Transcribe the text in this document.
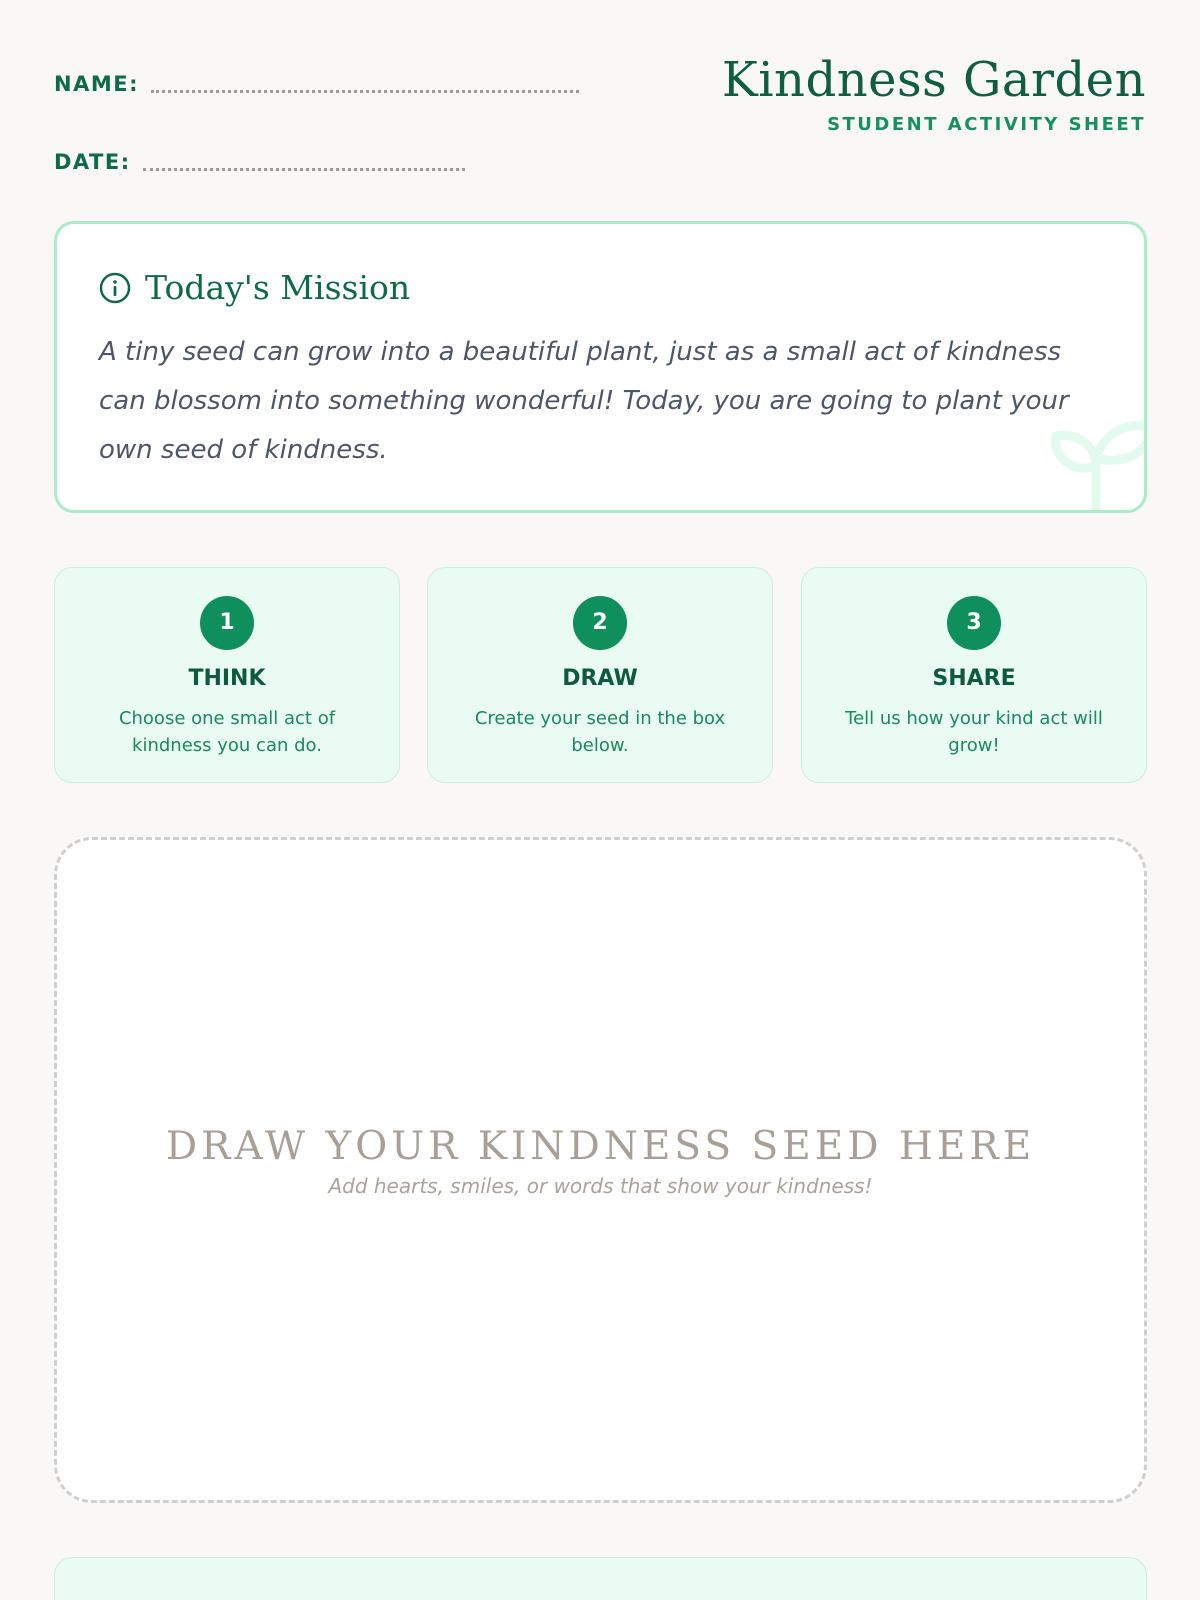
NAME:
DATE:
Kindness Garden
STUDENT ACTIVITY SHEET
Today's Mission
A tiny seed can grow into a beautiful plant, just as a small act of kindness can blossom into something wonderful! Today, you are going to plant your own seed of kindness.
1
THINK
Choose one small act of kindness you can do.
2
DRAW
Create your seed in the box below.
3
SHARE
Tell us how your kind act will grow!
DRAW YOUR KINDNESS SEED HERE
Add hearts, smiles, or words that show your kindness!
